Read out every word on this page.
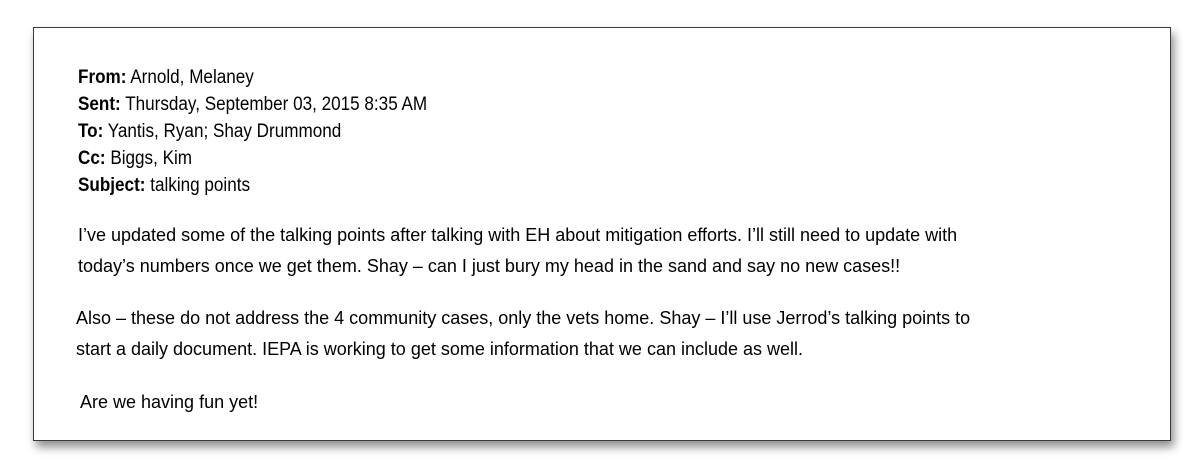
From: Arnold, Melaney
Sent: Thursday, September 03, 2015 8:35 AM
To: Yantis, Ryan; Shay Drummond
Cc: Biggs, Kim
Subject: talking points
I’ve updated some of the talking points after talking with EH about mitigation efforts. I’ll still need to update with
today’s numbers once we get them. Shay – can I just bury my head in the sand and say no new cases!!
Also – these do not address the 4 community cases, only the vets home. Shay – I’ll use Jerrod’s talking points to
start a daily document. IEPA is working to get some information that we can include as well.
Are we having fun yet!
